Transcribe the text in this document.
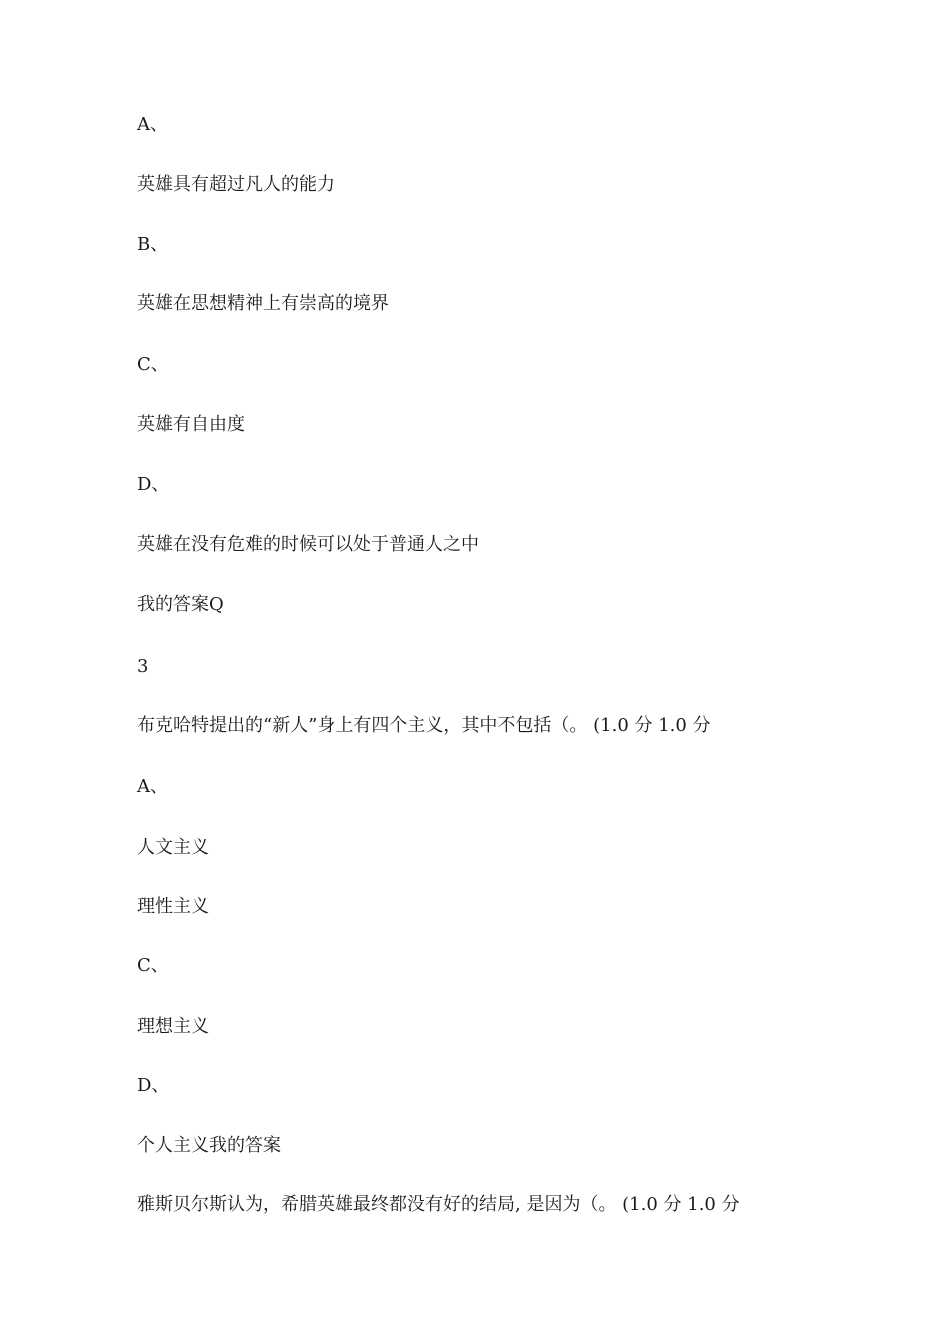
A、
英雄具有超过凡人的能力
B、
英雄在思想精神上有崇高的境界
C、
英雄有自由度
D、
英雄在没有危难的时候可以处于普通人之中
我的答案Q
3
布克哈特提出的“新人”身上有四个主义，其中不包括（。 (1.0 分 1.0 分
A、
人文主义
理性主义
C、
理想主义
D、
个人主义我的答案
雅斯贝尔斯认为，希腊英雄最终都没有好的结局, 是因为（。 (1.0 分 1.0 分
